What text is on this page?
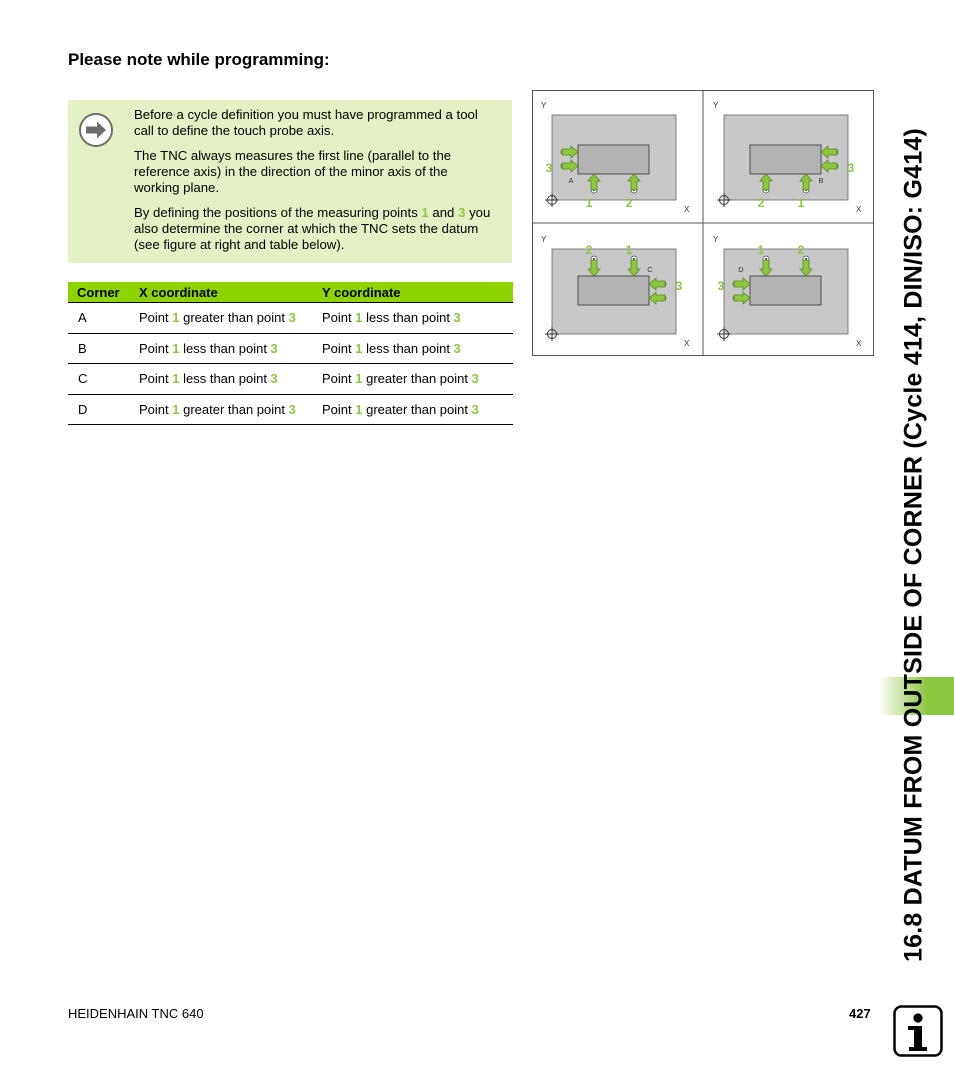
Please note while programming:

Before a cycle definition you must have programmed a tool call to define the touch probe axis.

The TNC always measures the first line (parallel to the reference axis) in the direction of the minor axis of the working plane.

By defining the positions of the measuring points 1 and 3 you also determine the corner at which the TNC sets the datum (see figure at right and table below).

Corner	X coordinate	Y coordinate
A	Point 1 greater than point 3	Point 1 less than point 3
B	Point 1 less than point 3	Point 1 less than point 3
C	Point 1 less than point 3	Point 1 greater than point 3
D	Point 1 greater than point 3	Point 1 greater than point 3
Y
X
1	2
3
A
Y
X
2	1
3
B
Y
X
2	1
3
C
Y
X
1	2
3
D	16.8 DATUM FROM OUTSIDE OF CORNER (Cycle 414, DIN/ISO: G414)
HEIDENHAIN TNC 640	427
